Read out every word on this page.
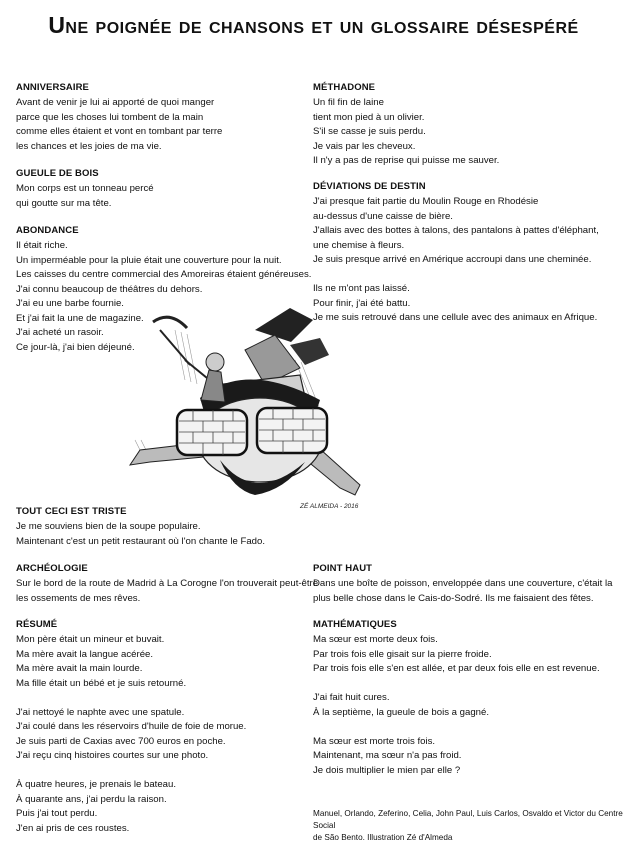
Une poignée de chansons et un glossaire désespéré

ANNIVERSAIRE

Avant de venir je lui ai apporté de quoi manger
parce que les choses lui tombent de la main
comme elles étaient et vont en tombant par terre
les chances et les joies de ma vie.

GUEULE DE BOIS

Mon corps est un tonneau percé
qui goutte sur ma tête.

ABONDANCE

Il était riche.
Un imperméable pour la pluie était une couverture pour la nuit.
Les caisses du centre commercial des Amoreiras étaient généreuses.
J'ai connu beaucoup de théâtres du dehors.
J'ai eu une barbe fournie.
Et j'ai fait la une de magazine.
J'ai acheté un rasoir.
Ce jour-là, j'ai bien déjeuné.

MÉTHADONE

Un fil fin de laine
tient mon pied à un olivier.
S'il se casse je suis perdu.
Je vais par les cheveux.
Il n'y a pas de reprise qui puisse me sauver.

DÉVIATIONS DE DESTIN

J'ai presque fait partie du Moulin Rouge en Rhodésie
au-dessus d'une caisse de bière.
J'allais avec des bottes à talons, des pantalons à pattes d'éléphant,
une chemise à fleurs.
Je suis presque arrivé en Amérique accroupi dans une cheminée.

Ils ne m'ont pas laissé.
Pour finir, j'ai été battu.
Je me suis retrouvé dans une cellule avec des animaux en Afrique.

ZÉ ALMEIDA - 2016

TOUT CECI EST TRISTE

Je me souviens bien de la soupe populaire.
Maintenant c'est un petit restaurant où l'on chante le Fado.

ARCHÉOLOGIE

Sur le bord de la route de Madrid à La Corogne l'on trouverait peut-être
les ossements de mes rêves.

RÉSUMÉ

Mon père était un mineur et buvait.
Ma mère avait la langue acérée.
Ma mère avait la main lourde.
Ma fille était un bébé et je suis retourné.

J'ai nettoyé le naphte avec une spatule.
J'ai coulé dans les réservoirs d'huile de foie de morue.
Je suis parti de Caxias avec 700 euros en poche.
J'ai reçu cinq histoires courtes sur une photo.

À quatre heures, je prenais le bateau.
À quarante ans, j'ai perdu la raison.
Puis j'ai tout perdu.
J'en ai pris de ces roustes.

POINT HAUT

Dans une boîte de poisson, enveloppée dans une couverture, c'était la
plus belle chose dans le Cais-do-Sodré. Ils me faisaient des fêtes.

MATHÉMATIQUES

Ma sœur est morte deux fois.
Par trois fois elle gisait sur la pierre froide.
Par trois fois elle s'en est allée, et par deux fois elle en est revenue.

J'ai fait huit cures.
À la septième, la gueule de bois a gagné.

Ma sœur est morte trois fois.
Maintenant, ma sœur n'a pas froid.
Je dois multiplier le mien par elle ?

Manuel, Orlando, Zeferino, Celia, John Paul, Luis Carlos, Osvaldo et Victor du Centre Social
de São Bento. Illustration Zé d'Almeda
